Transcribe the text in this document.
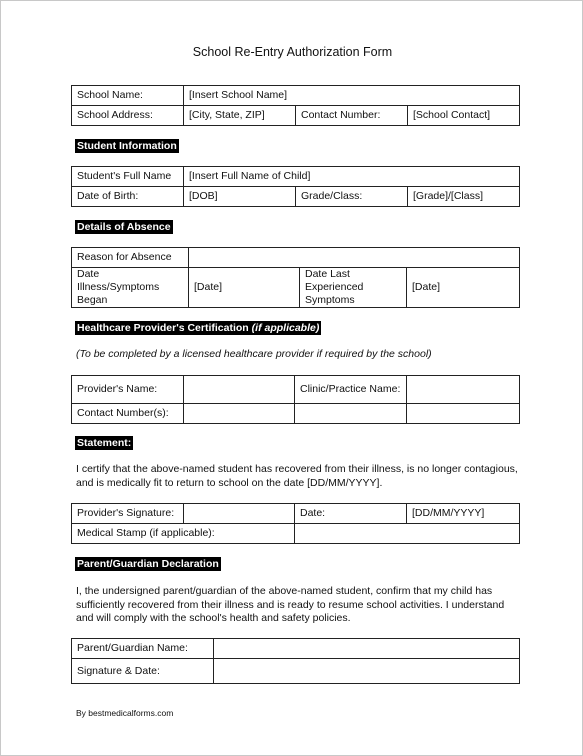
School Re-Entry Authorization Form
School Name:	[Insert School Name]		
School Address:	[City, State, ZIP]	Contact Number:	[School Contact]
Student Information
Student's Full Name	[Insert Full Name of Child]		
Date of Birth:	[DOB]	Grade/Class:	[Grade]/[Class]
Details of Absence
Reason for Absence			
Date Illness/Symptoms Began	[Date]	Date Last Experienced Symptoms	[Date]
Healthcare Provider's Certification (if applicable)
(To be completed by a licensed healthcare provider if required by the school)
Provider's Name:		Clinic/Practice Name:	
Contact Number(s):			
Statement:
I certify that the above-named student has recovered from their illness, is no longer contagious, and is medically fit to return to school on the date [DD/MM/YYYY].
Provider's Signature:		Date:	[DD/MM/YYYY]
Medical Stamp (if applicable):			
Parent/Guardian Declaration
I, the undersigned parent/guardian of the above-named student, confirm that my child has sufficiently recovered from their illness and is ready to resume school activities. I understand and will comply with the school's health and safety policies.
Parent/Guardian Name:	
Signature & Date:	
By bestmedicalforms.com
